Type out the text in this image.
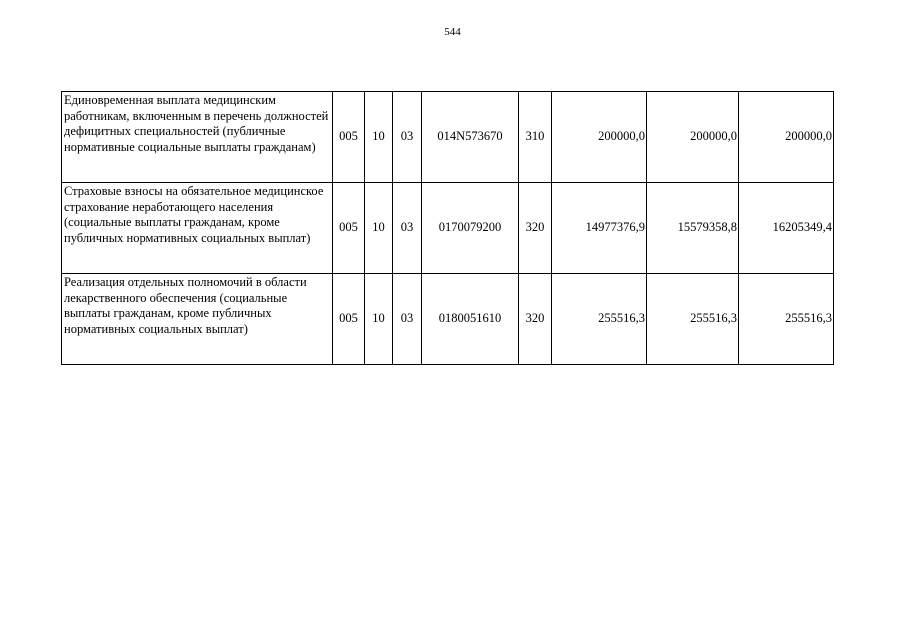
544
Единовременная выплата медицинским работникам, включенным в перечень должностей дефицитных специальностей (публичные нормативные социальные выплаты гражданам)	005	10	03	014N573670	310	200000,0	200000,0	200000,0
Страховые взносы на обязательное медицинское страхование неработающего населения (социальные выплаты гражданам, кроме публичных нормативных социальных выплат)	005	10	03	0170079200	320	14977376,9	15579358,8	16205349,4
Реализация отдельных полномочий в области лекарственного обеспечения (социальные выплаты гражданам, кроме публичных нормативных социальных выплат)	005	10	03	0180051610	320	255516,3	255516,3	255516,3
